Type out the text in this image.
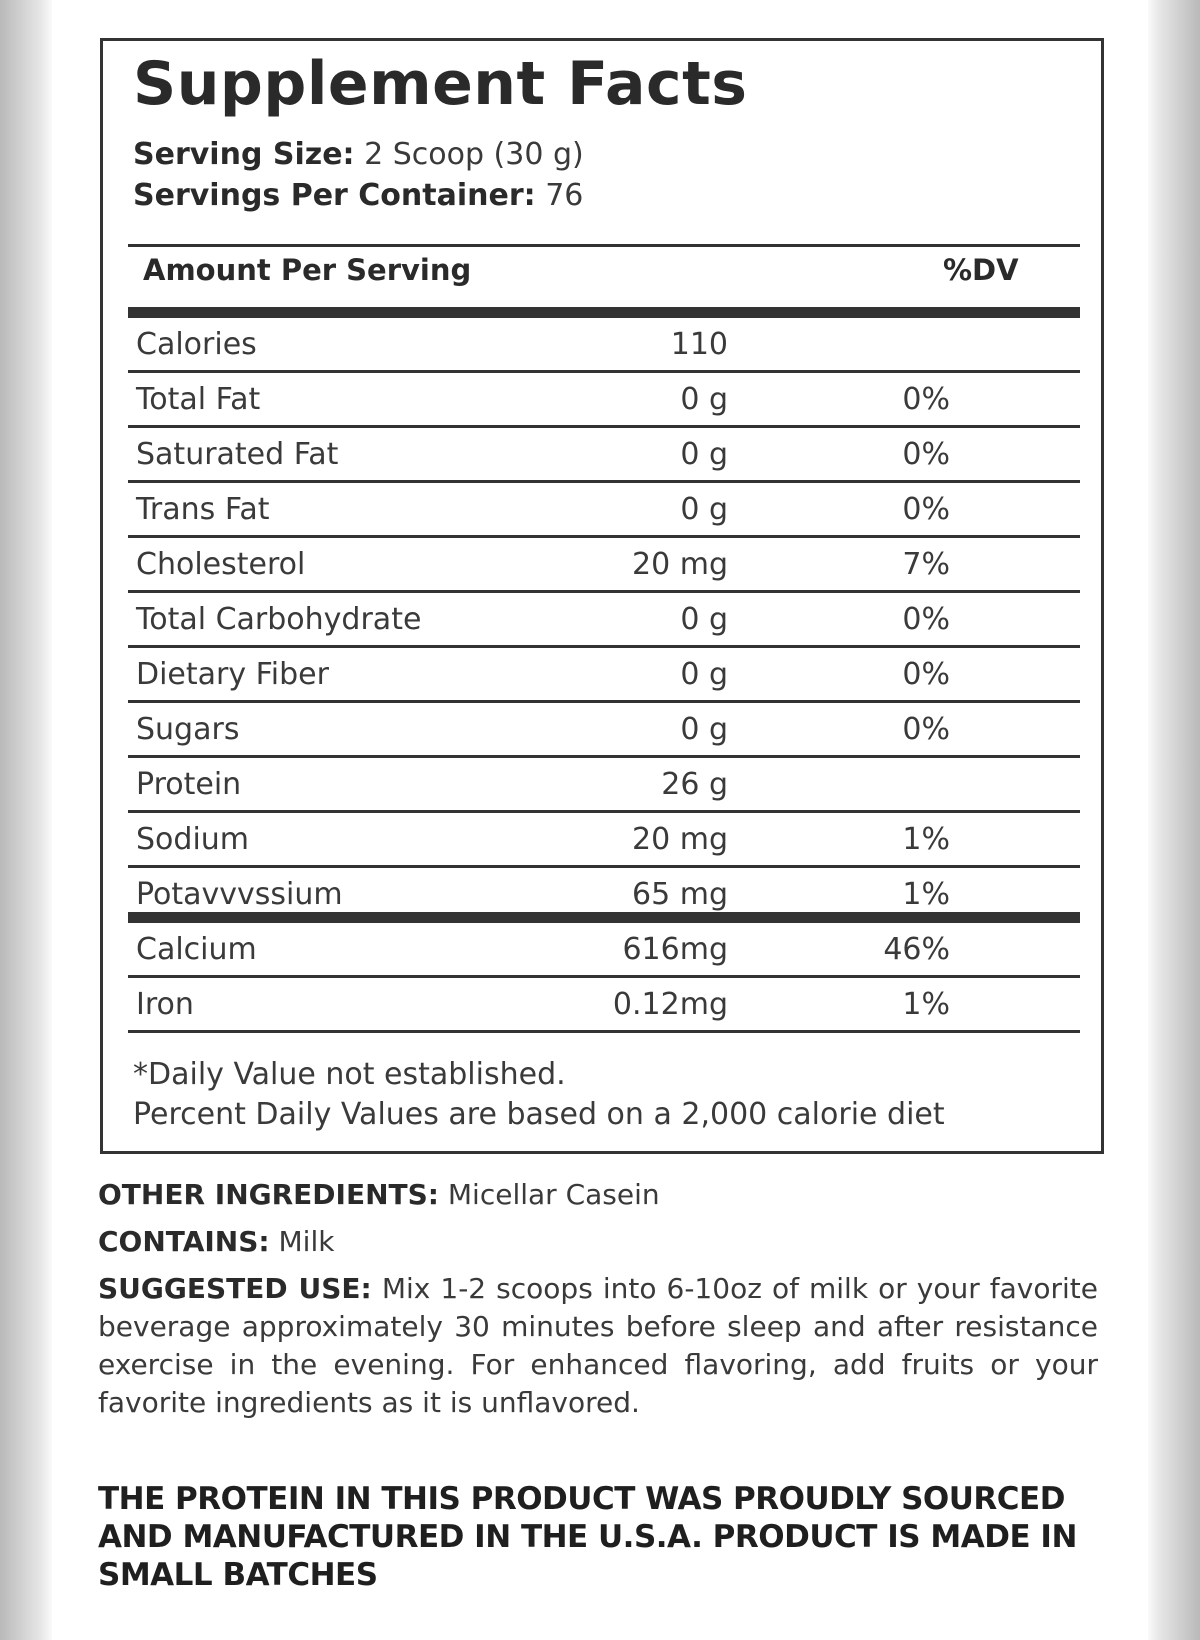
Supplement Facts
Serving Size: 2 Scoop (30 g)
Servings Per Container: 76
Amount Per Serving	%DV
Calories	110
Total Fat	0 g	0%
Saturated Fat	0 g	0%
Trans Fat	0 g	0%
Cholesterol	20 mg	7%
Total Carbohydrate	0 g	0%
Dietary Fiber	0 g	0%
Sugars	0 g	0%
Protein	26 g
Sodium	20 mg	1%
Potavvvssium	65 mg	1%
Calcium	616mg	46%
Iron	0.12mg	1%
*Daily Value not established.
Percent Daily Values are based on a 2,000 calorie diet
OTHER INGREDIENTS: Micellar Casein
CONTAINS: Milk
SUGGESTED USE: Mix 1-2 scoops into 6-10oz of milk or your favorite beverage approximately 30 minutes before sleep and after resistance exercise in the evening. For enhanced flavoring, add fruits or your favorite ingredients as it is unflavored.
THE PROTEIN IN THIS PRODUCT WAS PROUDLY SOURCED AND MANUFACTURED IN THE U.S.A. PRODUCT IS MADE IN SMALL BATCHES
